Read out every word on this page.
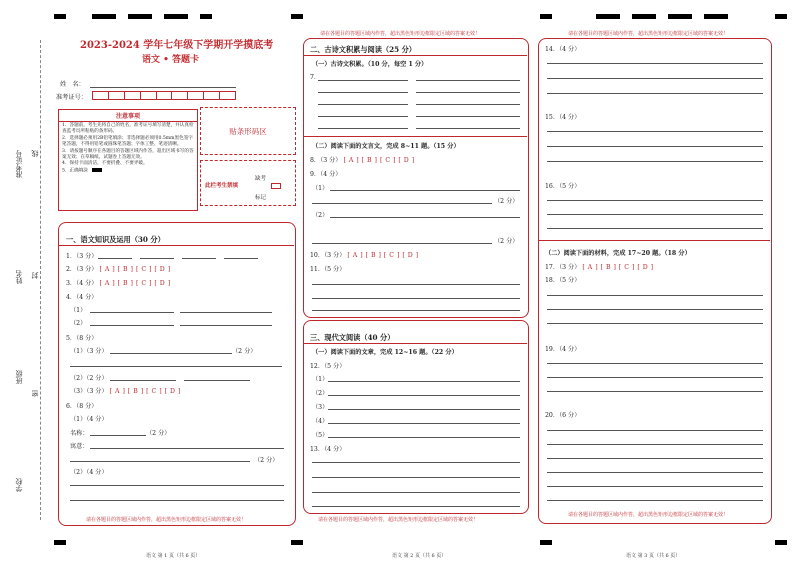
准考证号 线
姓名 封
班级
密
学校
2023-2024 学年七年级下学期开学摸底考
语文 • 答题卡
姓　名：
准考证号：
注意事项
1．答题前，考生先将自己的姓名，准考证号填写清楚，并认真检查监考员所粘贴的条形码。
2．选择题必须用2B铅笔填涂；非选择题必须用0.5mm黑色签字笔答题，不得用铅笔或圆珠笔答题；字体工整、笔迹清晰。
3．请按题号顺序在各题目的答题区域内作答，超出区域书写的答案无效；在草稿纸、试题卷上答题无效。
4．保持卡面清洁，不要折叠、不要弄破。
5．正确填涂
贴条形码区
此栏考生禁填
缺考
标记
一、语文知识及运用（30 分）
1．（3 分）
2．（3 分） [ A ] [ B ] [ C ] [ D ]
3．（4 分） [ A ] [ B ] [ C ] [ D ]
4．（4 分）
（1）
（2）
5．（8 分）
（1）（3 分）	（2 分）
（2）（2 分）
（3）（3 分） [ A ] [ B ] [ C ] [ D ]
6．（8 分）
（1）（4 分）
名称：	（2 分）
寓意：
（2 分）
（2）（4 分）
请在各题目的答题区域内作答，超出黑色矩形边框限定区域的答案无效！
语文 第 1 页（共 6 页）
请在各题目的答题区域内作答，超出黑色矩形边框限定区域的答案无效！
二、古诗文积累与阅读（25 分）
（一）古诗文积累。（10 分，每空 1 分）
7．
（二）阅读下面的文言文，完成 8~11 题。（15 分）
8．（3 分） [ A ] [ B ] [ C ] [ D ]
9．（4 分）
（1）
（2 分）
（2）
（2 分）
10．（3 分） [ A ] [ B ] [ C ] [ D ]
11．（5 分）
三、现代文阅读（40 分）
（一）阅读下面的文章，完成 12~16 题。（22 分）
12．（5 分）
（1）
（2）
（3）
（4）
（5）
13．（4 分）
请在各题目的答题区域内作答，超出黑色矩形边框限定区域的答案无效！
语文 第 2 页（共 6 页）
请在各题目的答题区域内作答，超出黑色矩形边框限定区域的答案无效！
14．（4 分）
15．（4 分）
16．（5 分）
（二）阅读下面的材料，完成 17~20 题。（18 分）
17．（3 分） [ A ] [ B ] [ C ] [ D ]
18．（5 分）
19．（4 分）
20．（6 分）
请在各题目的答题区域内作答，超出黑色矩形边框限定区域的答案无效！
语文 第 3 页（共 6 页）
